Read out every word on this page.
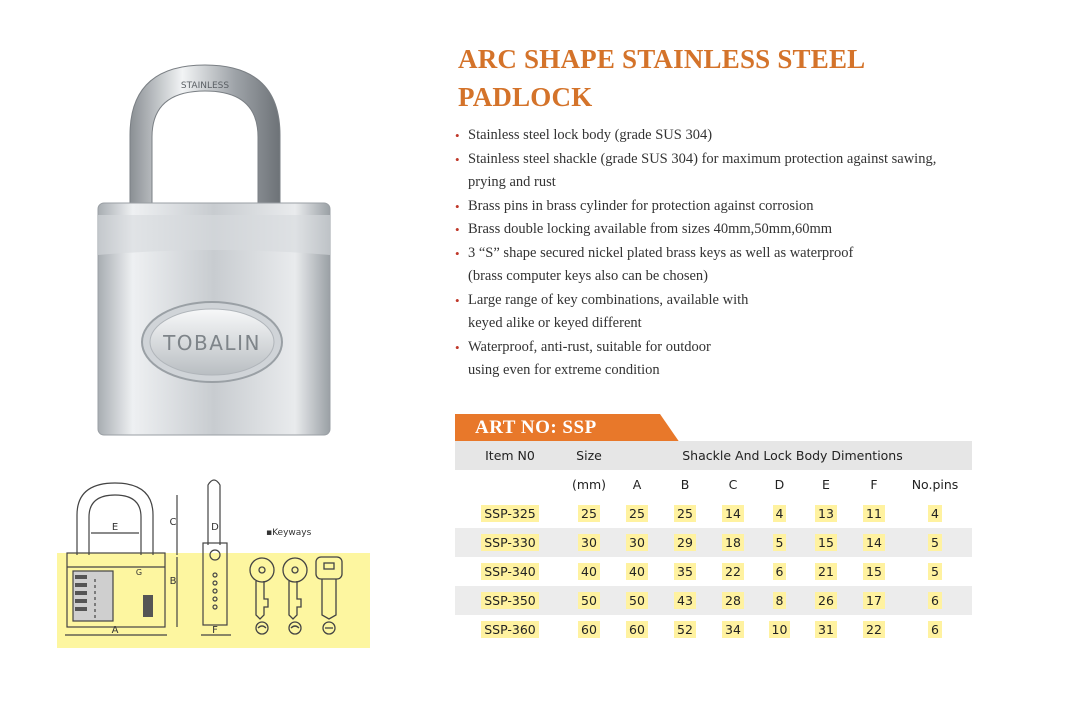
STAINLESS
TOBALIN
ARC SHAPE STAINLESS STEEL
PADLOCK
• Stainless steel lock body (grade SUS 304)
• Stainless steel shackle (grade SUS 304) for maximum protection against sawing,
prying and rust
• Brass pins in brass cylinder for protection against corrosion
• Brass double locking available from sizes 40mm,50mm,60mm
• 3 “S” shape secured nickel plated brass keys as well as waterproof
(brass computer keys also can be chosen)
• Large range of key combinations, available with
keyed alike or keyed different
• Waterproof, anti-rust, suitable for outdoor
using even for extreme condition
ART NO: SSP
Item N0	Size	Shackle And Lock Body Dimentions						
	(mm)	A	B	C	D	E	F	No.pins
SSP-325	25	25	25	14	4	13	11	4
SSP-330	30	30	29	18	5	15	14	5
SSP-340	40	40	35	22	6	21	15	5
SSP-350	50	50	43	28	8	26	17	6
SSP-360	60	60	52	34	10	31	22	6
E	C
B
A
G
D
F
▪Keyways
